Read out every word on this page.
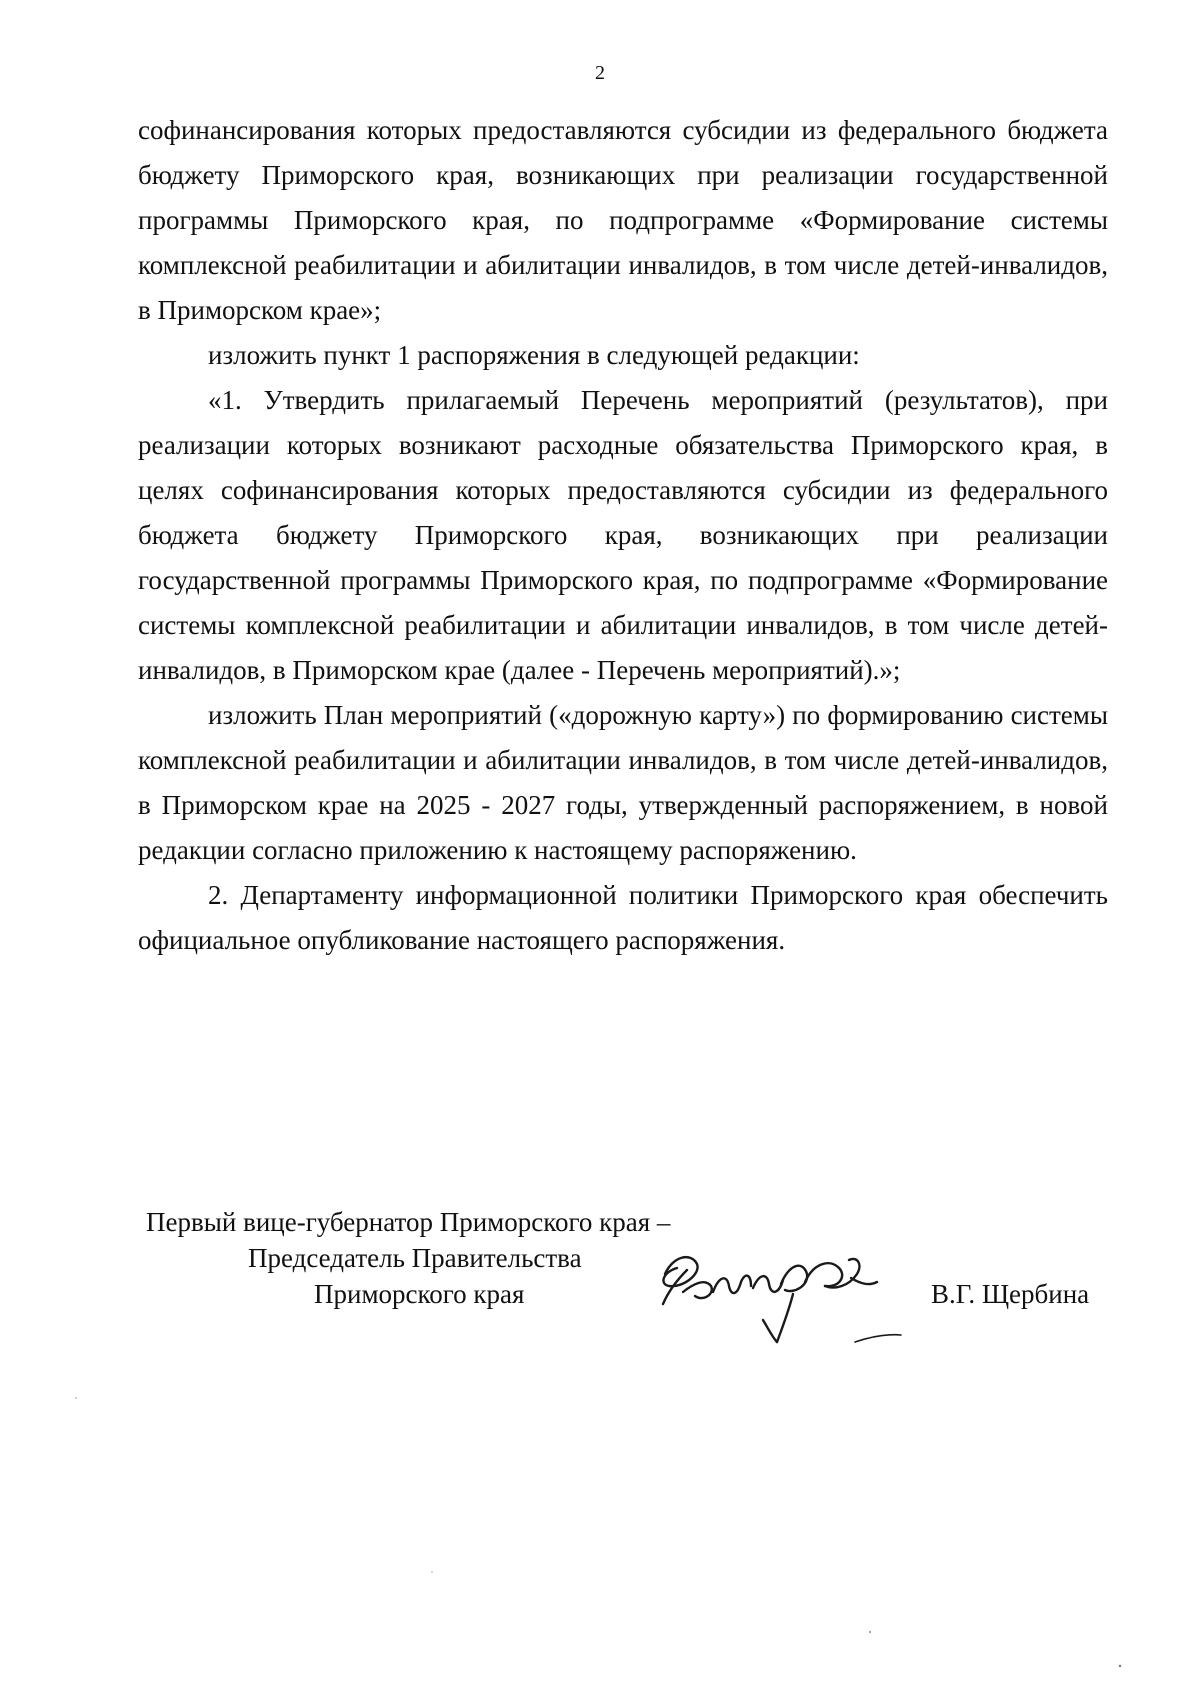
2

софинансирования которых предоставляются субсидии из федерального бюджета бюджету Приморского края, возникающих при реализации государственной программы Приморского края, по подпрограмме «Формирование системы комплексной реабилитации и абилитации инвалидов, в том числе детей-инвалидов, в Приморском крае»;

изложить пункт 1 распоряжения в следующей редакции:

«1. Утвердить прилагаемый Перечень мероприятий (результатов), при реализации которых возникают расходные обязательства Приморского края, в целях софинансирования которых предоставляются субсидии из федерального бюджета бюджету Приморского края, возникающих при реализации государственной программы Приморского края, по подпрограмме «Формирование системы комплексной реабилитации и абилитации инвалидов, в том числе детей-инвалидов, в Приморском крае (далее - Перечень мероприятий).»;

изложить План мероприятий («дорожную карту») по формированию системы комплексной реабилитации и абилитации инвалидов, в том числе детей-инвалидов, в Приморском крае на 2025 - 2027 годы, утвержденный распоряжением, в новой редакции согласно приложению к настоящему распоряжению.

2. Департаменту информационной политики Приморского края обеспечить официальное опубликование настоящего распоряжения.

Первый вице-губернатор Приморского края –
Председатель Правительства
Приморского края	В.Г. Щербина
